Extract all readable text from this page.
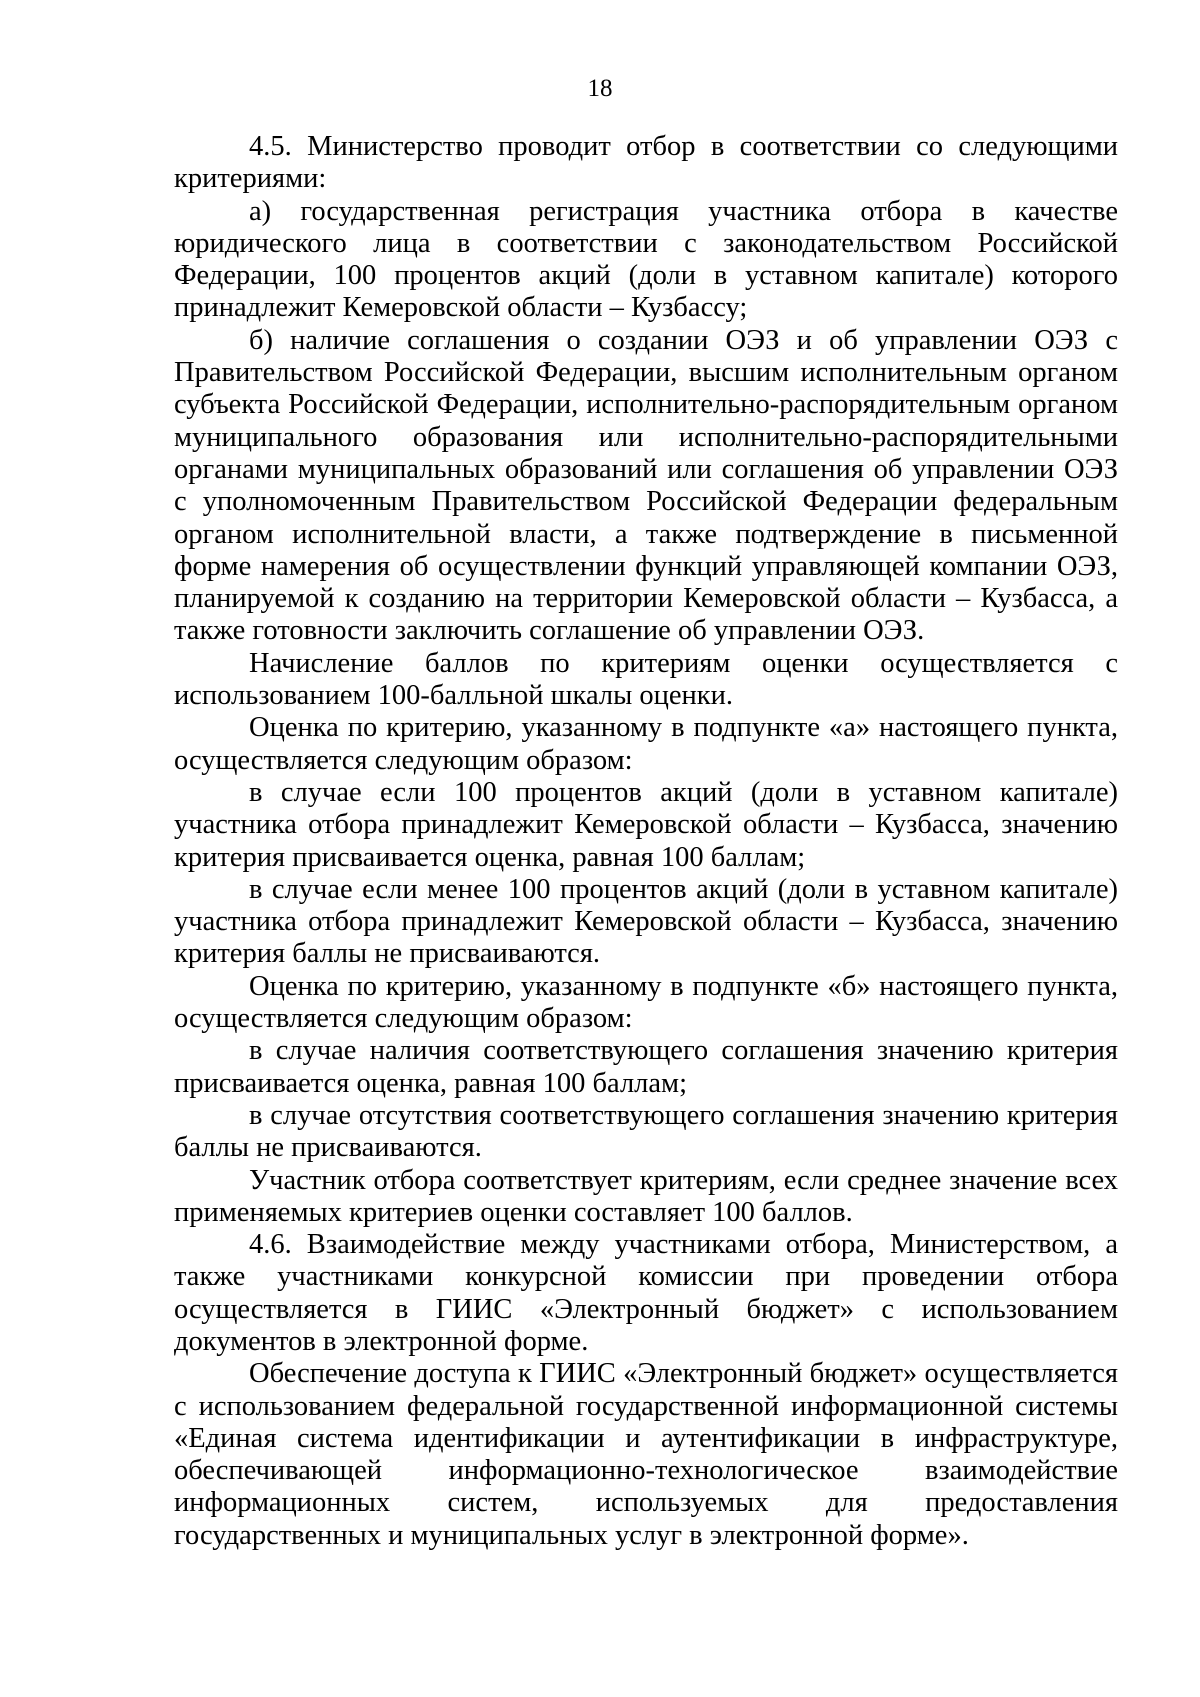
18

4.5. Министерство проводит отбор в соответствии со следующими критериями:

а) государственная регистрация участника отбора в качестве юридического лица в соответствии с законодательством Российской Федерации, 100 процентов акций (доли в уставном капитале) которого принадлежит Кемеровской области – Кузбассу;

б) наличие соглашения о создании ОЭЗ и об управлении ОЭЗ с Правительством Российской Федерации, высшим исполнительным органом субъекта Российской Федерации, исполнительно-распорядительным органом муниципального образования или исполнительно-распорядительными органами муниципальных образований или соглашения об управлении ОЭЗ с уполномоченным Правительством Российской Федерации федеральным органом исполнительной власти, а также подтверждение в письменной форме намерения об осуществлении функций управляющей компании ОЭЗ, планируемой к созданию на территории Кемеровской области – Кузбасса, а также готовности заключить соглашение об управлении ОЭЗ.

Начисление баллов по критериям оценки осуществляется с использованием 100-балльной шкалы оценки.

Оценка по критерию, указанному в подпункте «а» настоящего пункта, осуществляется следующим образом:

в случае если 100 процентов акций (доли в уставном капитале) участника отбора принадлежит Кемеровской области – Кузбасса, значению критерия присваивается оценка, равная 100 баллам;

в случае если менее 100 процентов акций (доли в уставном капитале) участника отбора принадлежит Кемеровской области – Кузбасса, значению критерия баллы не присваиваются.

Оценка по критерию, указанному в подпункте «б» настоящего пункта, осуществляется следующим образом:

в случае наличия соответствующего соглашения значению критерия присваивается оценка, равная 100 баллам;

в случае отсутствия соответствующего соглашения значению критерия баллы не присваиваются.

Участник отбора соответствует критериям, если среднее значение всех применяемых критериев оценки составляет 100 баллов.

4.6. Взаимодействие между участниками отбора, Министерством, а также участниками конкурсной комиссии при проведении отбора осуществляется в ГИИС «Электронный бюджет» с использованием документов в электронной форме.

Обеспечение доступа к ГИИС «Электронный бюджет» осуществляется с использованием федеральной государственной информационной системы «Единая система идентификации и аутентификации в инфраструктуре, обеспечивающей информационно-технологическое взаимодействие информационных систем, используемых для предоставления государственных и муниципальных услуг в электронной форме».
